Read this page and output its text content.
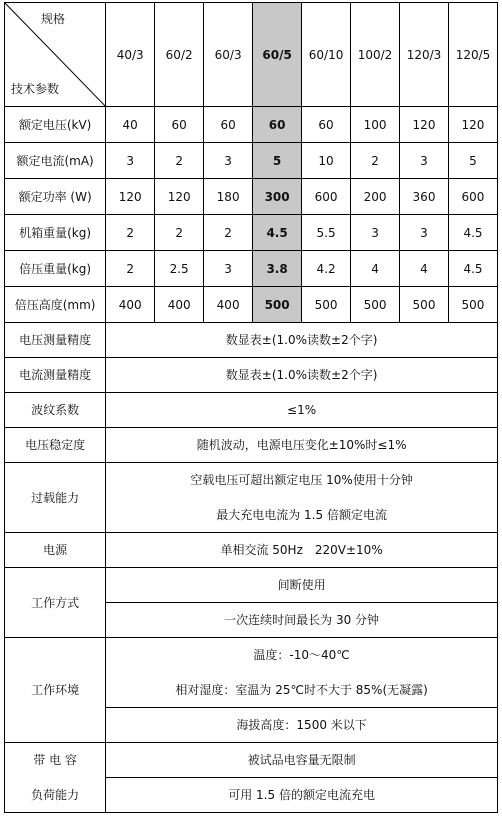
规格
技术参数	40/3	60/2	60/3	60/5	60/10	100/2	120/3	120/5
额定电压(kV)	40	60	60	60	60	100	120	120
额定电流(mA)	3	2	3	5	10	2	3	5
额定功率 (W)	120	120	180	300	600	200	360	600
机箱重量(kg)	2	2	2	4.5	5.5	3	3	4.5
倍压重量(kg)	2	2.5	3	3.8	4.2	4	4	4.5
倍压高度(mm)	400	400	400	500	500	500	500	500
电压测量精度	数显表±(1.0%读数±2个字)							
电流测量精度	数显表±(1.0%读数±2个字)							
波纹系数	≤1%							
电压稳定度	随机波动，电源电压变化±10%时≤1%							
过载能力	空载电压可超出额定电压 10%使用十分钟							
	最大充电电流为 1.5 倍额定电流							
电源	单相交流 50Hz　220V±10%							
工作方式	间断使用							
	一次连续时间最长为 30 分钟							
工作环境	温度：-10～40℃							
	相对湿度：室温为 25℃时不大于 85%(无凝露)							
	海拔高度：1500 米以下							
带 电 容	被试品电容量无限制							
负荷能力	可用 1.5 倍的额定电流充电							
